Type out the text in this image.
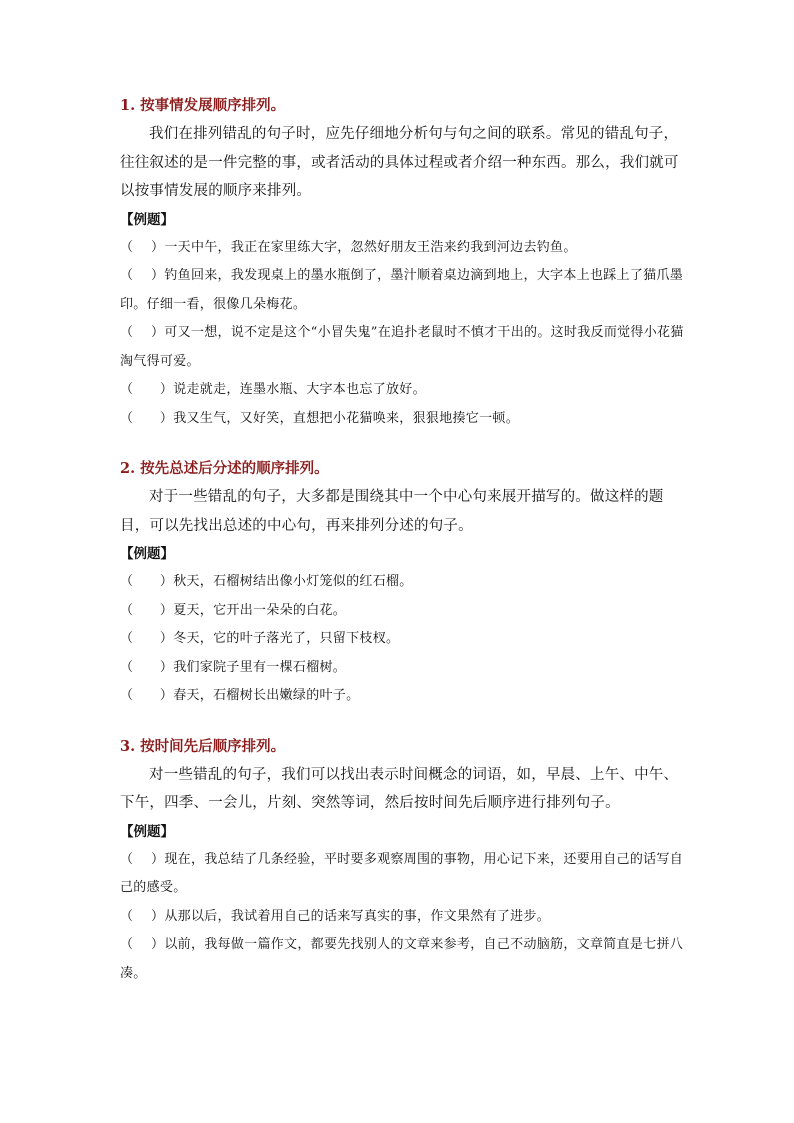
1. 按事情发展顺序排列。

我们在排列错乱的句子时，应先仔细地分析句与句之间的联系。常见的错乱句子，往往叙述的是一件完整的事，或者活动的具体过程或者介绍一种东西。那么，我们就可以按事情发展的顺序来排列。

【例题】

（　 ）一天中午，我正在家里练大字，忽然好朋友王浩来约我到河边去钓鱼。

（　 ）钓鱼回来，我发现桌上的墨水瓶倒了，墨汁顺着桌边滴到地上，大字本上也踩上了猫爪墨印。仔细一看，很像几朵梅花。

（　 ）可又一想，说不定是这个“小冒失鬼”在追扑老鼠时不慎才干出的。这时我反而觉得小花猫淘气得可爱。

（　　）说走就走，连墨水瓶、大字本也忘了放好。

（　　）我又生气，又好笑，直想把小花猫唤来，狠狠地揍它一顿。

2. 按先总述后分述的顺序排列。

对于一些错乱的句子，大多都是围绕其中一个中心句来展开描写的。做这样的题目，可以先找出总述的中心句，再来排列分述的句子。

【例题】

（　　）秋天，石榴树结出像小灯笼似的红石榴。

（　　）夏天，它开出一朵朵的白花。

（　　）冬天，它的叶子落光了，只留下枝杈。

（　　）我们家院子里有一棵石榴树。

（　　）春天，石榴树长出嫩绿的叶子。

3. 按时间先后顺序排列。

对一些错乱的句子，我们可以找出表示时间概念的词语，如，早晨、上午、中午、下午，四季、一会儿，片刻、突然等词，然后按时间先后顺序进行排列句子。

【例题】

（　 ）现在，我总结了几条经验，平时要多观察周围的事物，用心记下来，还要用自己的话写自己的感受。

（　 ）从那以后，我试着用自己的话来写真实的事，作文果然有了进步。

（　 ）以前，我每做一篇作文，都要先找别人的文章来参考，自己不动脑筋，文章简直是七拼八凑。
